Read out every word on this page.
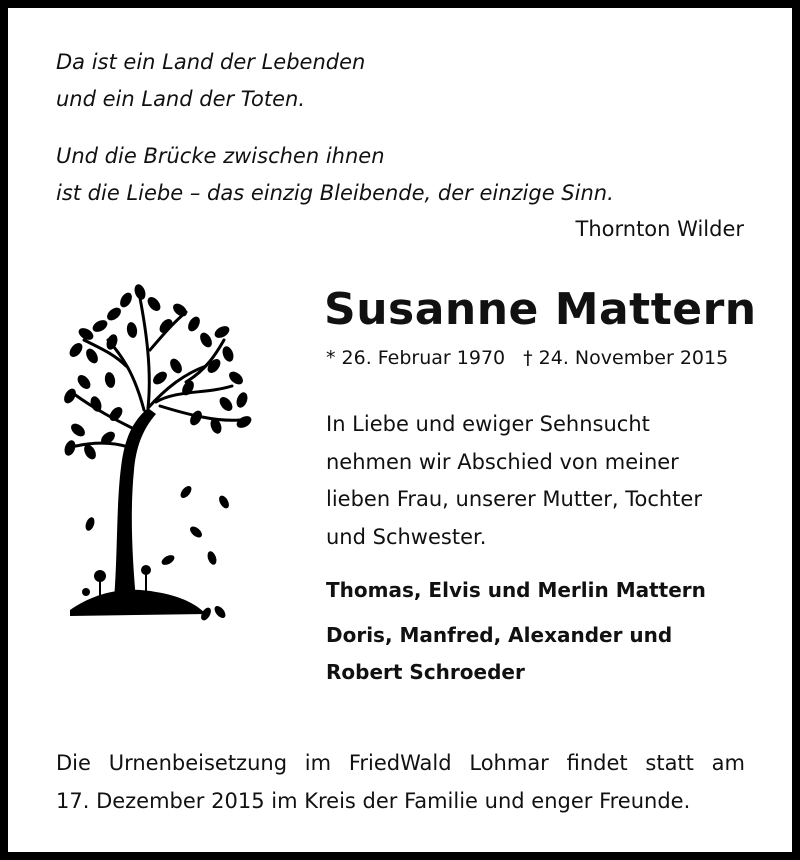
Da ist ein Land der Lebenden
und ein Land der Toten.
Und die Brücke zwischen ihnen
ist die Liebe – das einzig Bleibende, der einzige Sinn.
Thornton Wilder
Susanne Mattern
* 26. Februar 1970 † 24. November 2015
In Liebe und ewiger Sehnsucht
nehmen wir Abschied von meiner
lieben Frau, unserer Mutter, Tochter
und Schwester.
Thomas, Elvis und Merlin Mattern
Doris, Manfred, Alexander und
Robert Schroeder
Die Urnenbeisetzung im FriedWald Lohmar findet statt am
17. Dezember 2015 im Kreis der Familie und enger Freunde.
